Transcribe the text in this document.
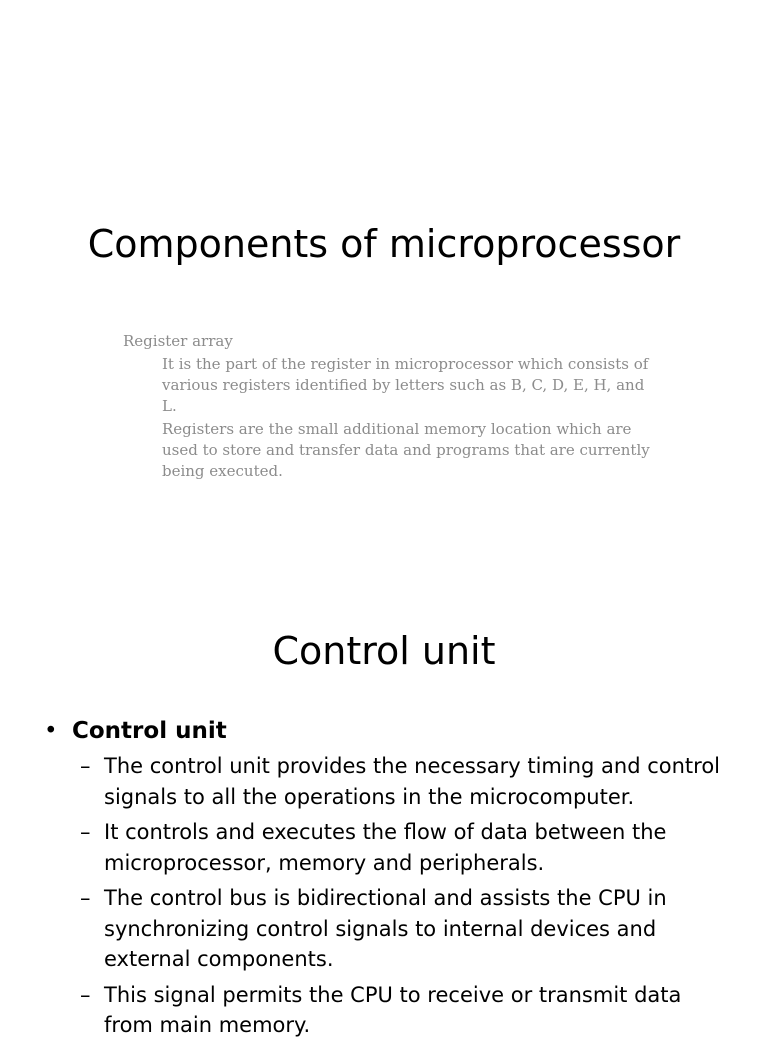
Components of microprocessor
Register array
It is the part of the register in microprocessor which consists of various registers identified by letters such as B, C, D, E, H, and L.
Registers are the small additional memory location which are used to store and transfer data and programs that are currently being executed.
Control unit
• Control unit
– The control unit provides the necessary timing and control signals to all the operations in the microcomputer.
– It controls and executes the flow of data between the microprocessor, memory and peripherals.
– The control bus is bidirectional and assists the CPU in synchronizing control signals to internal devices and external components.
– This signal permits the CPU to receive or transmit data from main memory.
